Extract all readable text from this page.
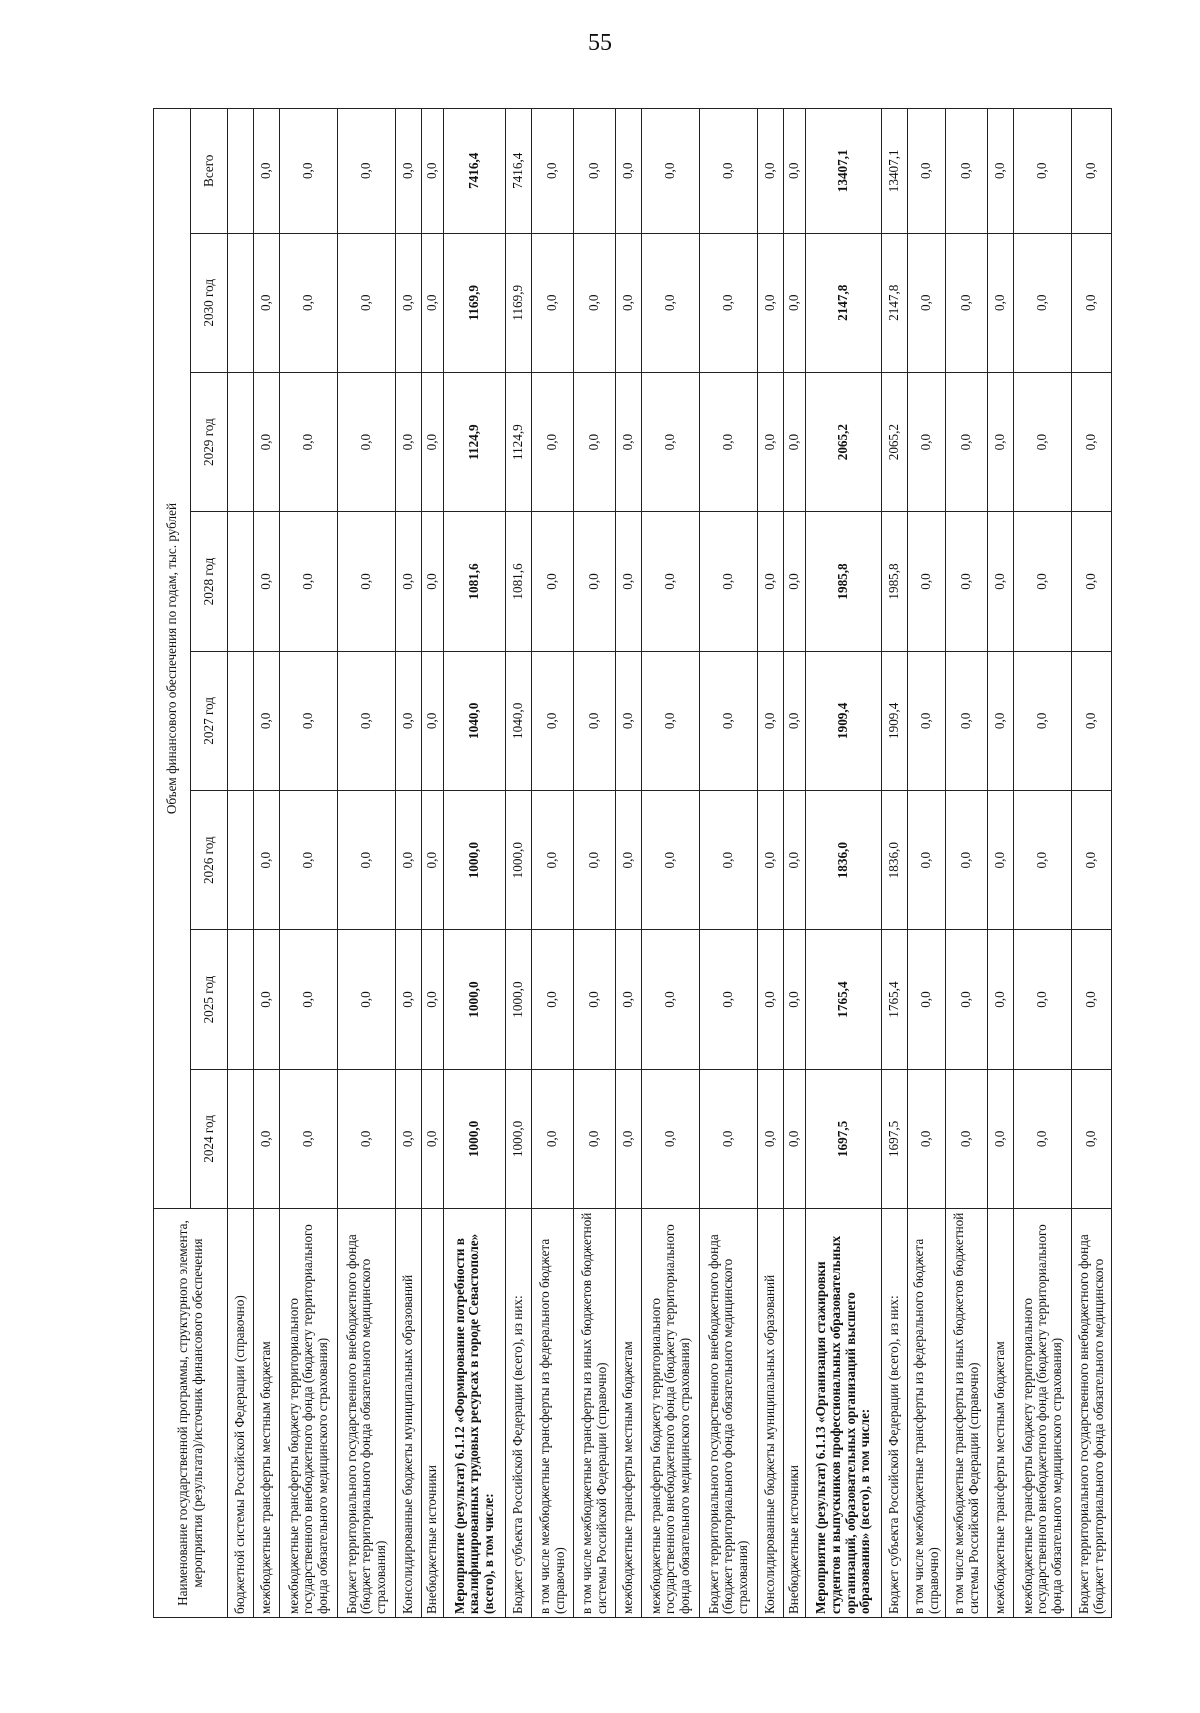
55
Наименование государственной программы, структурного элемента, мероприятия (результата)/источник финансового обеспечения	Объем финансового обеспечения по годам, тыс. рублей							
	2024 год	2025 год	2026 год	2027 год	2028 год	2029 год	2030 год	Всего
бюджетной системы Российской Федерации (справочно)								
межбюджетные трансферты местным бюджетам	0,0	0,0	0,0	0,0	0,0	0,0	0,0	0,0
межбюджетные трансферты бюджету территориального государственного внебюджетного фонда (бюджету территориального фонда обязательного медицинского страхования)	0,0	0,0	0,0	0,0	0,0	0,0	0,0	0,0
Бюджет территориального государственного внебюджетного фонда (бюджет территориального фонда обязательного медицинского страхования)	0,0	0,0	0,0	0,0	0,0	0,0	0,0	0,0
Консолидированные бюджеты муниципальных образований	0,0	0,0	0,0	0,0	0,0	0,0	0,0	0,0
Внебюджетные источники	0,0	0,0	0,0	0,0	0,0	0,0	0,0	0,0
Мероприятие (результат) 6.1.12 «Формирование потребности в квалифицированных трудовых ресурсах в городе Севастополе» (всего), в том числе:	1000,0	1000,0	1000,0	1040,0	1081,6	1124,9	1169,9	7416,4
Бюджет субъекта Российской Федерации (всего), из них:	1000,0	1000,0	1000,0	1040,0	1081,6	1124,9	1169,9	7416,4
в том числе межбюджетные трансферты из федерального бюджета (справочно)	0,0	0,0	0,0	0,0	0,0	0,0	0,0	0,0
в том числе межбюджетные трансферты из иных бюджетов бюджетной системы Российской Федерации (справочно)	0,0	0,0	0,0	0,0	0,0	0,0	0,0	0,0
межбюджетные трансферты местным бюджетам	0,0	0,0	0,0	0,0	0,0	0,0	0,0	0,0
межбюджетные трансферты бюджету территориального государственного внебюджетного фонда (бюджету территориального фонда обязательного медицинского страхования)	0,0	0,0	0,0	0,0	0,0	0,0	0,0	0,0
Бюджет территориального государственного внебюджетного фонда (бюджет территориального фонда обязательного медицинского страхования)	0,0	0,0	0,0	0,0	0,0	0,0	0,0	0,0
Консолидированные бюджеты муниципальных образований	0,0	0,0	0,0	0,0	0,0	0,0	0,0	0,0
Внебюджетные источники	0,0	0,0	0,0	0,0	0,0	0,0	0,0	0,0
Мероприятие (результат) 6.1.13 «Организация стажировки студентов и выпускников профессиональных образовательных организаций, образовательных организаций высшего образования» (всего), в том числе:	1697,5	1765,4	1836,0	1909,4	1985,8	2065,2	2147,8	13407,1
Бюджет субъекта Российской Федерации (всего), из них:	1697,5	1765,4	1836,0	1909,4	1985,8	2065,2	2147,8	13407,1
в том числе межбюджетные трансферты из федерального бюджета (справочно)	0,0	0,0	0,0	0,0	0,0	0,0	0,0	0,0
в том числе межбюджетные трансферты из иных бюджетов бюджетной системы Российской Федерации (справочно)	0,0	0,0	0,0	0,0	0,0	0,0	0,0	0,0
межбюджетные трансферты местным бюджетам	0,0	0,0	0,0	0,0	0,0	0,0	0,0	0,0
межбюджетные трансферты бюджету территориального государственного внебюджетного фонда (бюджету территориального фонда обязательного медицинского страхования)	0,0	0,0	0,0	0,0	0,0	0,0	0,0	0,0
Бюджет территориального государственного внебюджетного фонда (бюджет территориального фонда обязательного медицинского	0,0	0,0	0,0	0,0	0,0	0,0	0,0	0,0
